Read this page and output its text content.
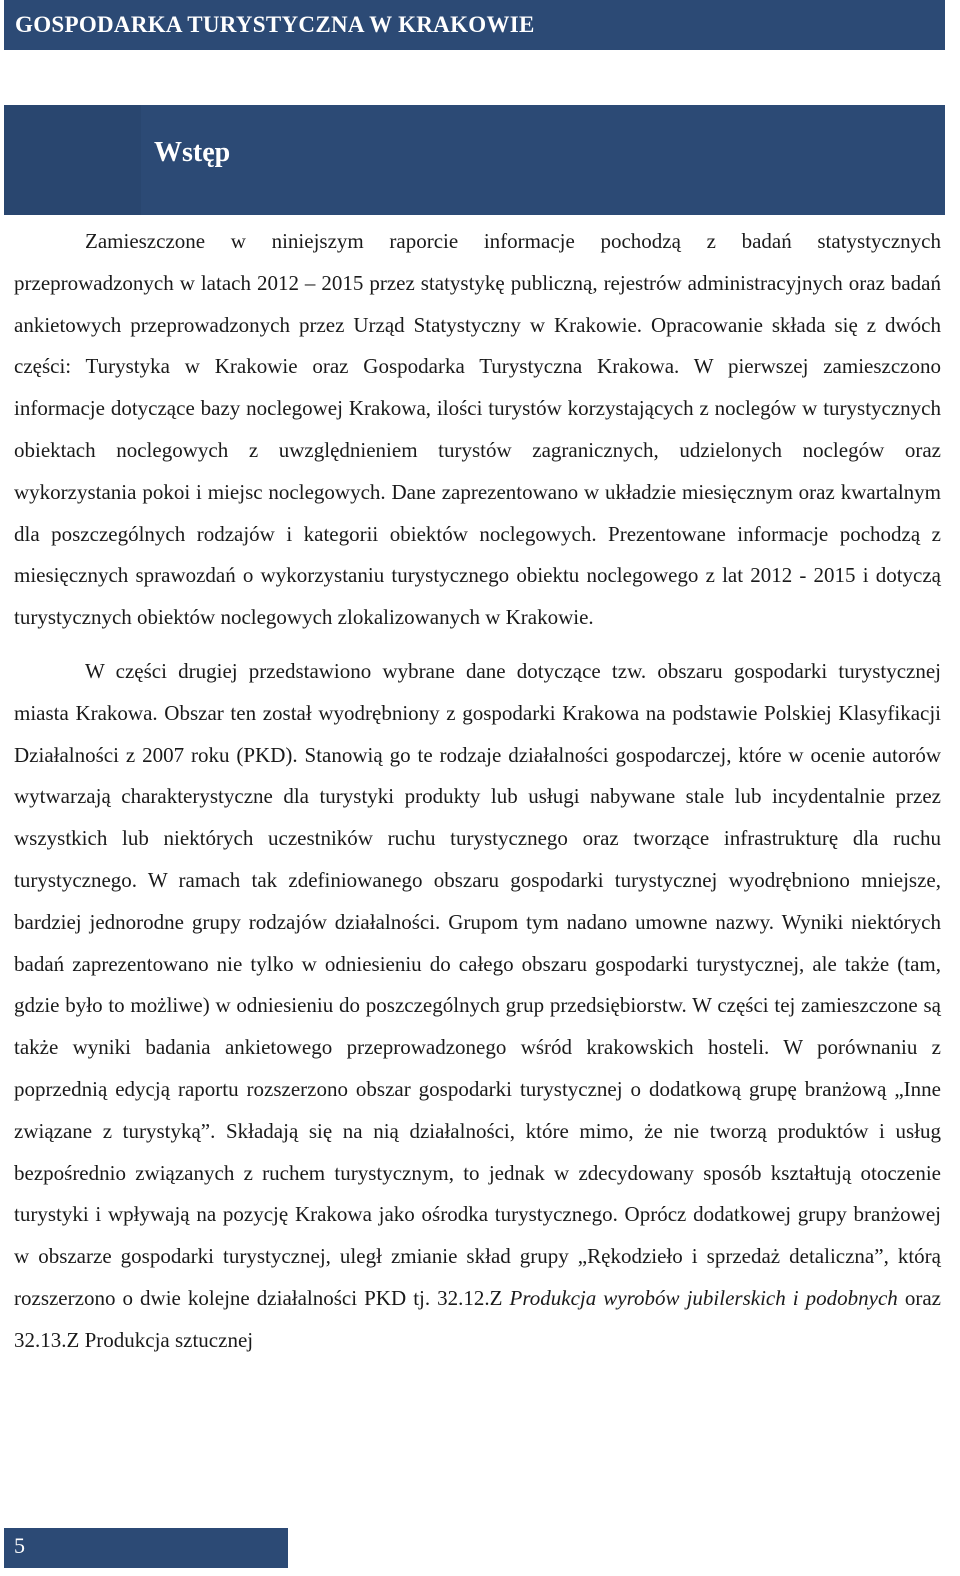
GOSPODARKA TURYSTYCZNA W KRAKOWIE
Wstęp

Zamieszczone w niniejszym raporcie informacje pochodzą z badań statystycznych przeprowadzonych w latach 2012 – 2015 przez statystykę publiczną, rejestrów administracyjnych oraz badań ankietowych przeprowadzonych przez Urząd Statystyczny w Krakowie. Opracowanie składa się z dwóch części: Turystyka w Krakowie oraz Gospodarka Turystyczna Krakowa. W pierwszej zamieszczono informacje dotyczące bazy noclegowej Krakowa, ilości turystów korzystających z noclegów w turystycznych obiektach noclegowych z uwzględnieniem turystów zagranicznych, udzielonych noclegów oraz wykorzystania pokoi i miejsc noclegowych. Dane zaprezentowano w układzie miesięcznym oraz kwartalnym dla poszczególnych rodzajów i kategorii obiektów noclegowych. Prezentowane informacje pochodzą z miesięcznych sprawozdań o wykorzystaniu turystycznego obiektu noclegowego z lat 2012 - 2015 i dotyczą turystycznych obiektów noclegowych zlokalizowanych w Krakowie.

W części drugiej przedstawiono wybrane dane dotyczące tzw. obszaru gospodarki turystycznej miasta Krakowa. Obszar ten został wyodrębniony z gospodarki Krakowa na podstawie Polskiej Klasyfikacji Działalności z 2007 roku (PKD). Stanowią go te rodzaje działalności gospodarczej, które w ocenie autorów wytwarzają charakterystyczne dla turystyki produkty lub usługi nabywane stale lub incydentalnie przez wszystkich lub niektórych uczestników ruchu turystycznego oraz tworzące infrastrukturę dla ruchu turystycznego. W ramach tak zdefiniowanego obszaru gospodarki turystycznej wyodrębniono mniejsze, bardziej jednorodne grupy rodzajów działalności. Grupom tym nadano umowne nazwy. Wyniki niektórych badań zaprezentowano nie tylko w odniesieniu do całego obszaru gospodarki turystycznej, ale także (tam, gdzie było to możliwe) w odniesieniu do poszczególnych grup przedsiębiorstw. W części tej zamieszczone są także wyniki badania ankietowego przeprowadzonego wśród krakowskich hosteli. W porównaniu z poprzednią edycją raportu rozszerzono obszar gospodarki turystycznej o dodatkową grupę branżową „Inne związane z turystyką”. Składają się na nią działalności, które mimo, że nie tworzą produktów i usług bezpośrednio związanych z ruchem turystycznym, to jednak w zdecydowany sposób kształtują otoczenie turystyki i wpływają na pozycję Krakowa jako ośrodka turystycznego. Oprócz dodatkowej grupy branżowej w obszarze gospodarki turystycznej, uległ zmianie skład grupy „Rękodzieło i sprzedaż detaliczna”, którą rozszerzono o dwie kolejne działalności PKD tj. 32.12.Z Produkcja wyrobów jubilerskich i podobnych oraz 32.13.Z Produkcja sztucznej

5
